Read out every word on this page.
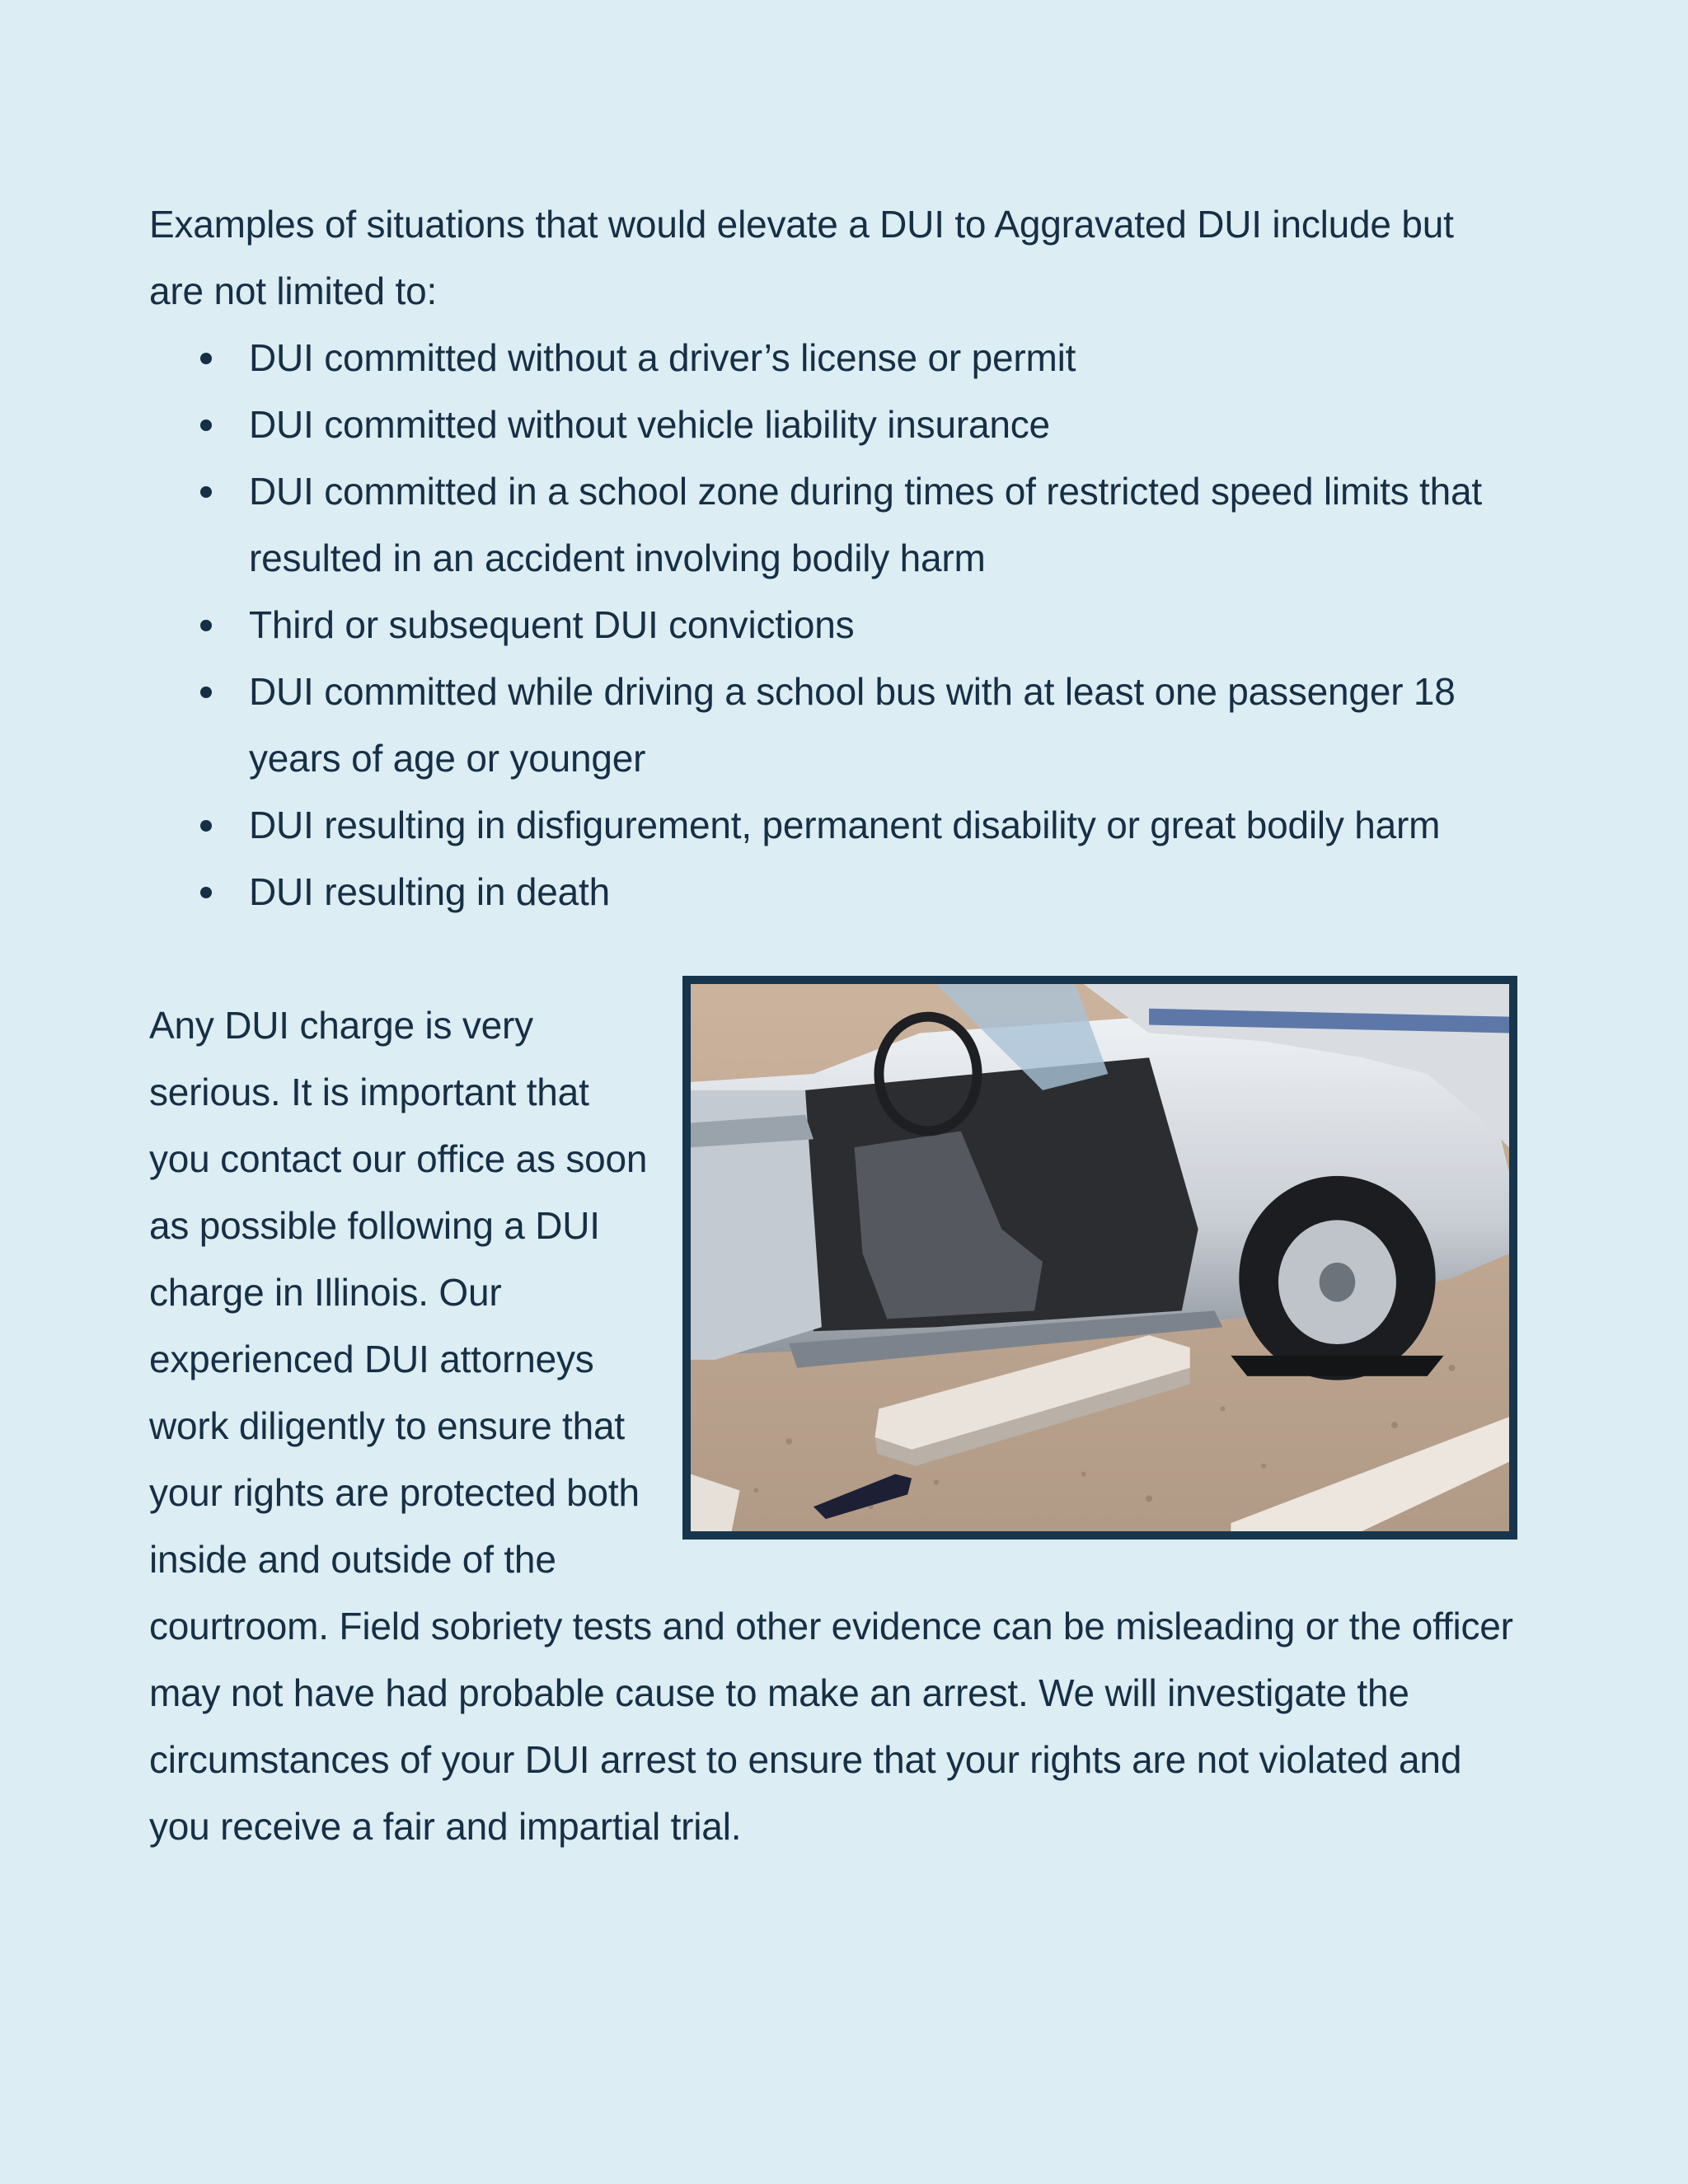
Examples of situations that would elevate a DUI to Aggravated DUI include but are not limited to:

DUI committed without a driver’s license or permit
DUI committed without vehicle liability insurance
DUI committed in a school zone during times of restricted speed limits that resulted in an accident involving bodily harm
Third or subsequent DUI convictions
DUI committed while driving a school bus with at least one passenger 18 years of age or younger
DUI resulting in disfigurement, permanent disability or great bodily harm
DUI resulting in death

Any DUI charge is very serious. It is important that you contact our office as soon as possible following a DUI charge in Illinois. Our experienced DUI attorneys work diligently to ensure that your rights are protected both inside and outside of the courtroom. Field sobriety tests and other evidence can be misleading or the officer may not have had probable cause to make an arrest. We will investigate the circumstances of your DUI arrest to ensure that your rights are not violated and you receive a fair and impartial trial.
